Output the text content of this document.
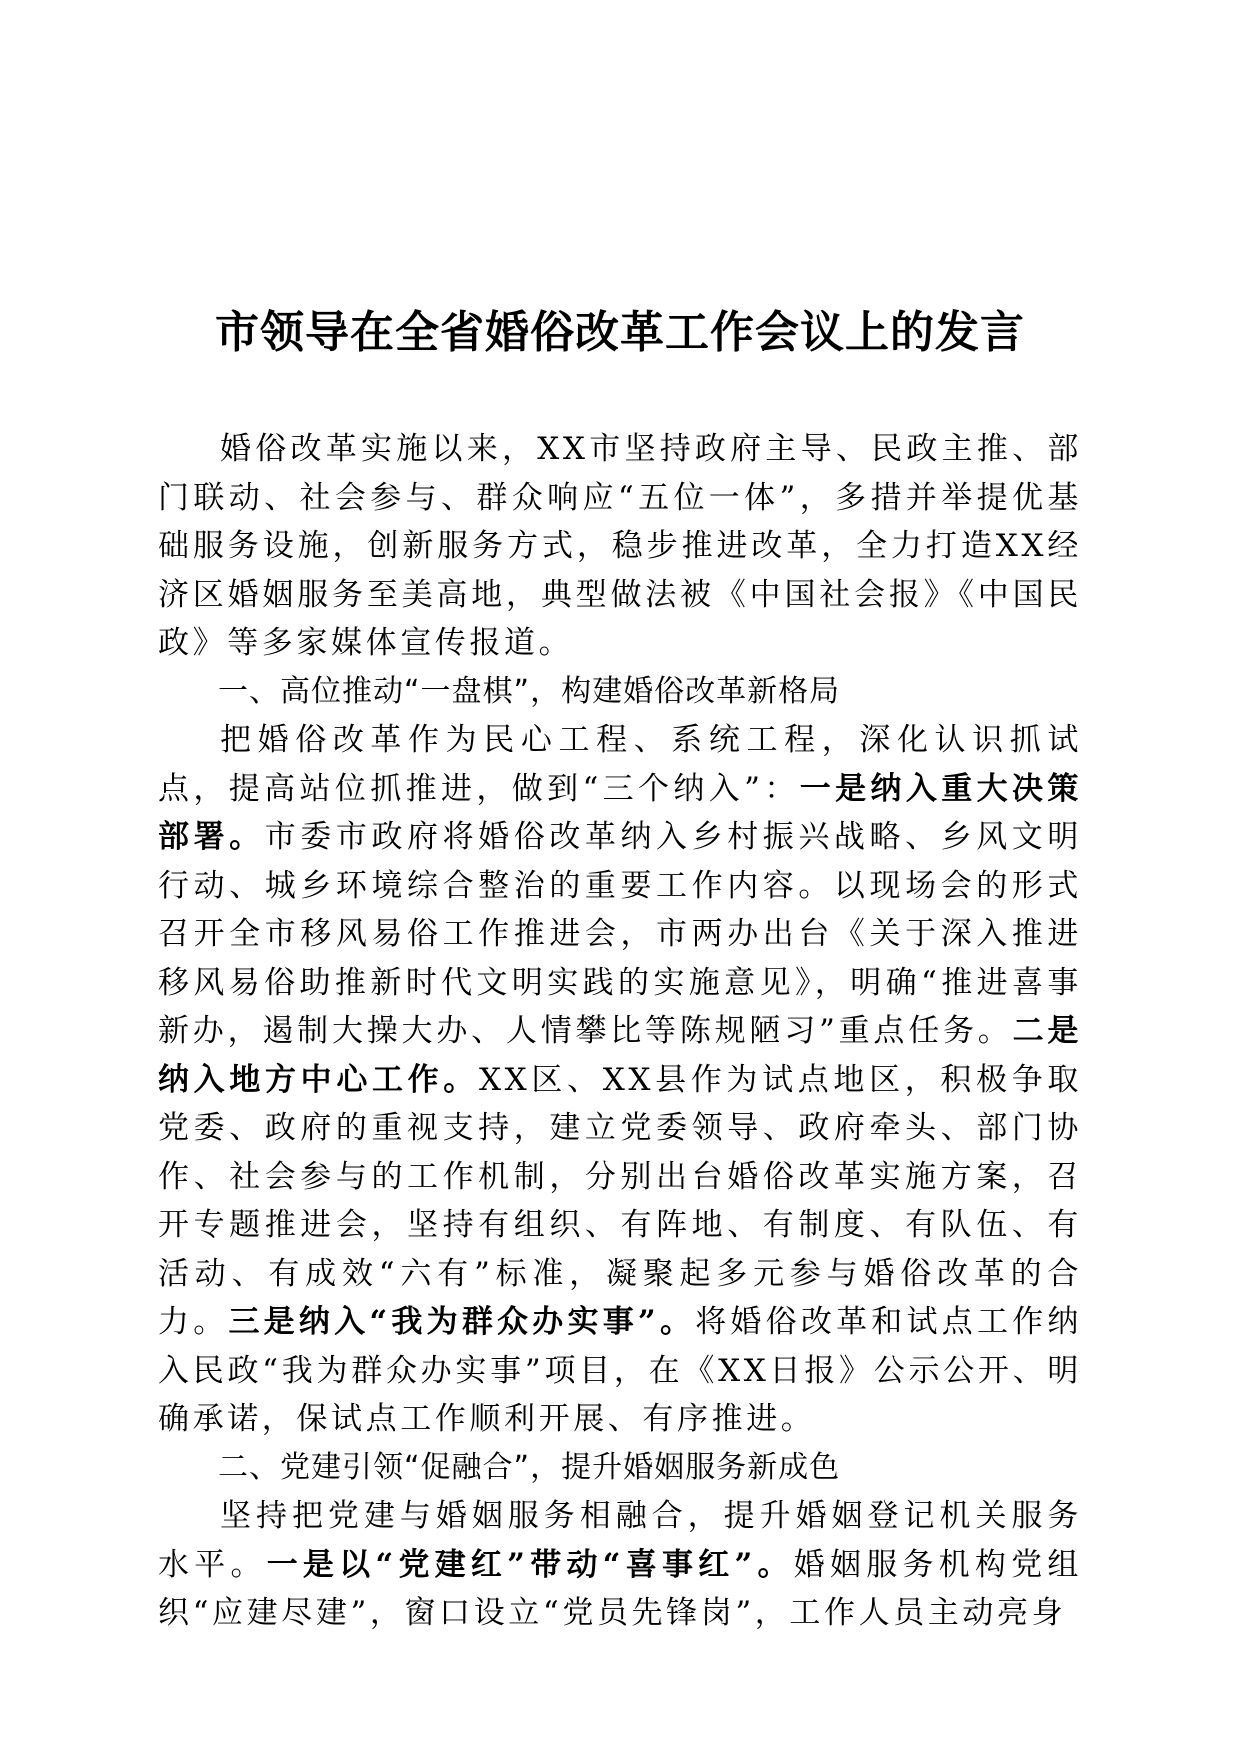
市领导在全省婚俗改革工作会议上的发言

婚俗改革实施以来，XX市坚持政府主导、民政主推、部门联动、社会参与、群众响应“五位一体”，多措并举提优基础服务设施，创新服务方式，稳步推进改革，全力打造XX经济区婚姻服务至美高地，典型做法被《中国社会报》《中国民政》等多家媒体宣传报道。

一、高位推动“一盘棋”，构建婚俗改革新格局

把婚俗改革作为民心工程、系统工程，深化认识抓试点，提高站位抓推进，做到“三个纳入”：一是纳入重大决策部署。市委市政府将婚俗改革纳入乡村振兴战略、乡风文明行动、城乡环境综合整治的重要工作内容。以现场会的形式召开全市移风易俗工作推进会，市两办出台《关于深入推进移风易俗助推新时代文明实践的实施意见》，明确“推进喜事新办，遏制大操大办、人情攀比等陈规陋习”重点任务。二是纳入地方中心工作。XX区、XX县作为试点地区，积极争取党委、政府的重视支持，建立党委领导、政府牵头、部门协作、社会参与的工作机制，分别出台婚俗改革实施方案，召开专题推进会，坚持有组织、有阵地、有制度、有队伍、有活动、有成效“六有”标准，凝聚起多元参与婚俗改革的合力。三是纳入“我为群众办实事”。将婚俗改革和试点工作纳入民政“我为群众办实事”项目，在《XX日报》公示公开、明确承诺，保试点工作顺利开展、有序推进。

二、党建引领“促融合”，提升婚姻服务新成色

坚持把党建与婚姻服务相融合，提升婚姻登记机关服务水平。一是以“党建红”带动“喜事红”。婚姻服务机构党组织“应建尽建”，窗口设立“党员先锋岗”，工作人员主动亮身
